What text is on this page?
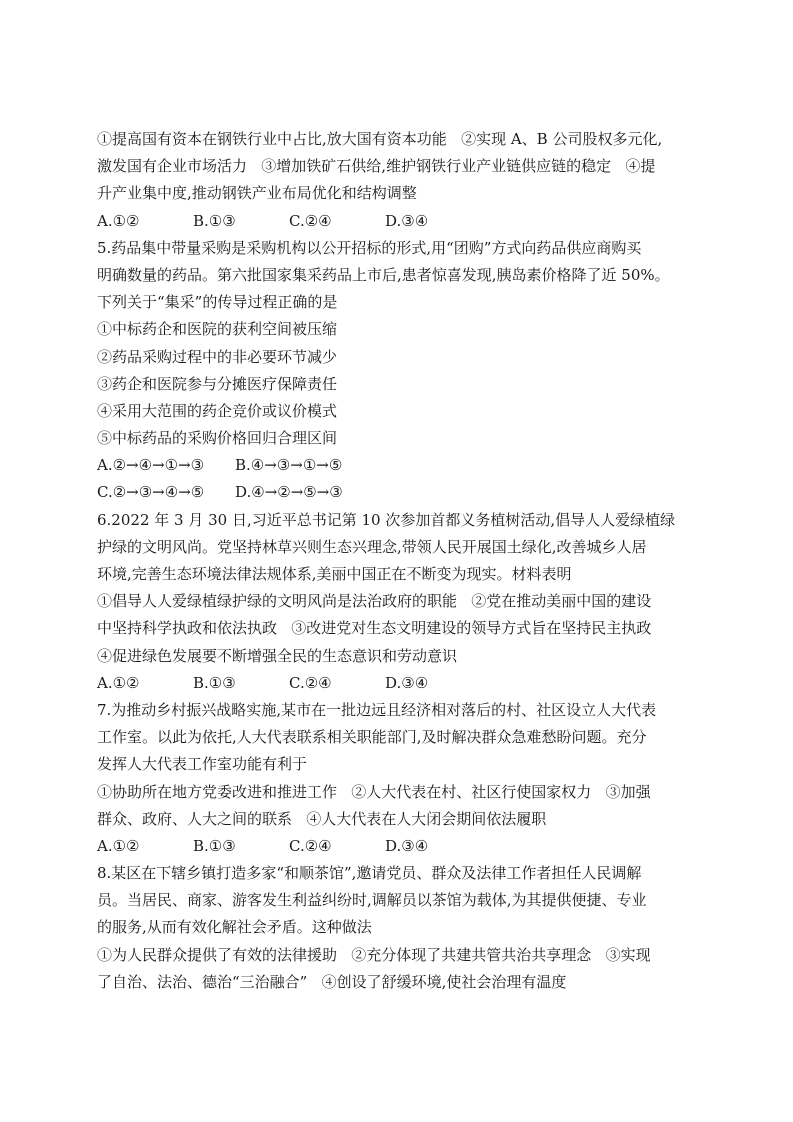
①提高国有资本在钢铁行业中占比,放大国有资本功能   ②实现 A、B 公司股权多元化,
激发国有企业市场活力   ③增加铁矿石供给,维护钢铁行业产业链供应链的稳定   ④提
升产业集中度,推动钢铁产业布局优化和结构调整
A.①②	B.①③	C.②④	D.③④
5.药品集中带量采购是采购机构以公开招标的形式,用“团购”方式向药品供应商购买
明确数量的药品。第六批国家集采药品上市后,患者惊喜发现,胰岛素价格降了近 50%。
下列关于“集采”的传导过程正确的是
①中标药企和医院的获利空间被压缩
②药品采购过程中的非必要环节减少
③药企和医院参与分摊医疗保障责任
④采用大范围的药企竞价或议价模式
⑤中标药品的采购价格回归合理区间
A.②→④→①→③	B.④→③→①→⑤
C.②→③→④→⑤	D.④→②→⑤→③
6.2022 年 3 月 30 日,习近平总书记第 10 次参加首都义务植树活动,倡导人人爱绿植绿
护绿的文明风尚。党坚持林草兴则生态兴理念,带领人民开展国土绿化,改善城乡人居
环境,完善生态环境法律法规体系,美丽中国正在不断变为现实。材料表明
①倡导人人爱绿植绿护绿的文明风尚是法治政府的职能   ②党在推动美丽中国的建设
中坚持科学执政和依法执政   ③改进党对生态文明建设的领导方式旨在坚持民主执政
④促进绿色发展要不断增强全民的生态意识和劳动意识
A.①②	B.①③	C.②④	D.③④
7.为推动乡村振兴战略实施,某市在一批边远且经济相对落后的村、社区设立人大代表
工作室。以此为依托,人大代表联系相关职能部门,及时解决群众急难愁盼问题。充分
发挥人大代表工作室功能有利于
①协助所在地方党委改进和推进工作   ②人大代表在村、社区行使国家权力   ③加强
群众、政府、人大之间的联系   ④人大代表在人大闭会期间依法履职
A.①②	B.①③	C.②④	D.③④
8.某区在下辖乡镇打造多家“和顺茶馆”,邀请党员、群众及法律工作者担任人民调解
员。当居民、商家、游客发生利益纠纷时,调解员以茶馆为载体,为其提供便捷、专业
的服务,从而有效化解社会矛盾。这种做法
①为人民群众提供了有效的法律援助   ②充分体现了共建共管共治共享理念   ③实现
了自治、法治、德治“三治融合”   ④创设了舒缓环境,使社会治理有温度
